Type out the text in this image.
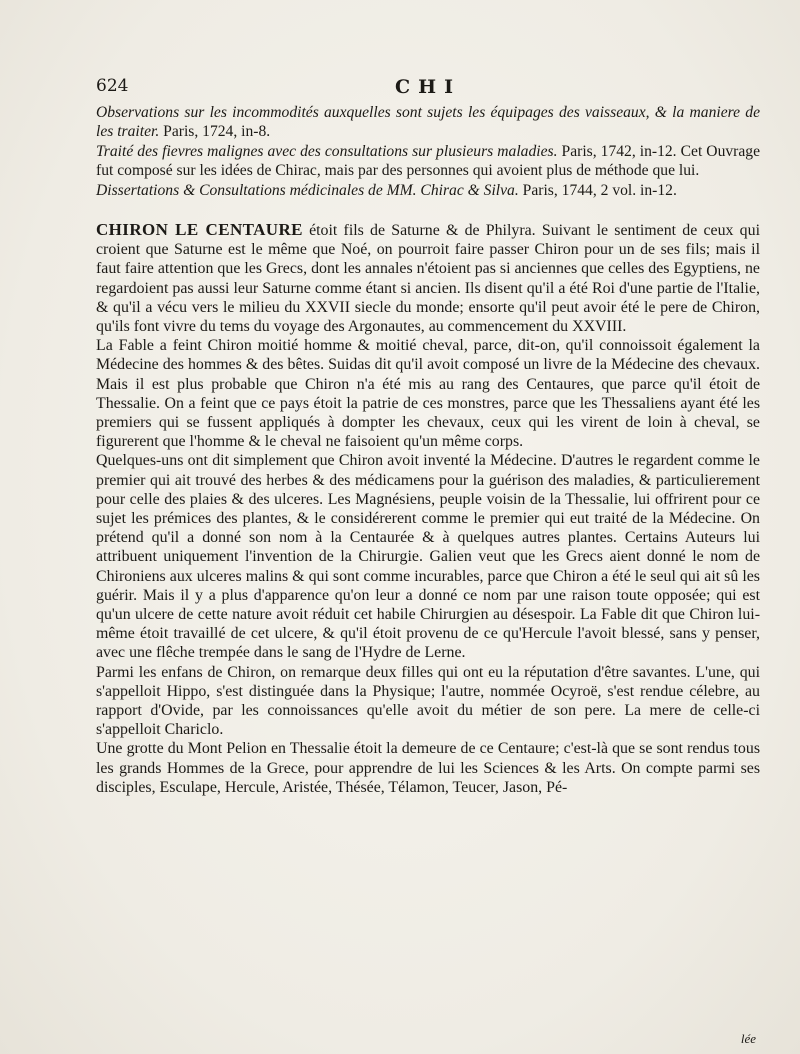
624	CHI

Observations sur les incommodités auxquelles sont sujets les équipages des vaisseaux, & la maniere de les traiter. Paris, 1724, in-8.

Traité des fievres malignes avec des consultations sur plusieurs maladies. Paris, 1742, in-12. Cet Ouvrage fut composé sur les idées de Chirac, mais par des personnes qui avoient plus de méthode que lui.

Dissertations & Consultations médicinales de MM. Chirac & Silva. Paris, 1744, 2 vol. in-12.

CHIRON LE CENTAURE étoit fils de Saturne & de Philyra. Suivant le sentiment de ceux qui croient que Saturne est le même que Noé, on pourroit faire passer Chiron pour un de ses fils; mais il faut faire attention que les Grecs, dont les annales n'étoient pas si anciennes que celles des Egyptiens, ne regardoient pas aussi leur Saturne comme étant si ancien. Ils disent qu'il a été Roi d'une partie de l'Italie, & qu'il a vécu vers le milieu du XXVII siecle du monde; ensorte qu'il peut avoir été le pere de Chiron, qu'ils font vivre du tems du voyage des Argonautes, au commencement du XXVIII.

La Fable a feint Chiron moitié homme & moitié cheval, parce, dit-on, qu'il connoissoit également la Médecine des hommes & des bêtes. Suidas dit qu'il avoit composé un livre de la Médecine des chevaux. Mais il est plus probable que Chiron n'a été mis au rang des Centaures, que parce qu'il étoit de Thessalie. On a feint que ce pays étoit la patrie de ces monstres, parce que les Thessaliens ayant été les premiers qui se fussent appliqués à dompter les chevaux, ceux qui les virent de loin à cheval, se figurerent que l'homme & le cheval ne faisoient qu'un même corps.

Quelques-uns ont dit simplement que Chiron avoit inventé la Médecine. D'autres le regardent comme le premier qui ait trouvé des herbes & des médicamens pour la guérison des maladies, & particulierement pour celle des plaies & des ulceres. Les Magnésiens, peuple voisin de la Thessalie, lui offrirent pour ce sujet les prémices des plantes, & le considérerent comme le premier qui eut traité de la Médecine. On prétend qu'il a donné son nom à la Centaurée & à quelques autres plantes. Certains Auteurs lui attribuent uniquement l'invention de la Chirurgie. Galien veut que les Grecs aient donné le nom de Chironiens aux ulceres malins & qui sont comme incurables, parce que Chiron a été le seul qui ait sû les guérir. Mais il y a plus d'apparence qu'on leur a donné ce nom par une raison toute opposée; qui est qu'un ulcere de cette nature avoit réduit cet habile Chirurgien au désespoir. La Fable dit que Chiron lui-même étoit travaillé de cet ulcere, & qu'il étoit provenu de ce qu'Hercule l'avoit blessé, sans y penser, avec une flêche trempée dans le sang de l'Hydre de Lerne.

Parmi les enfans de Chiron, on remarque deux filles qui ont eu la réputation d'être savantes. L'une, qui s'appelloit Hippo, s'est distinguée dans la Physique; l'autre, nommée Ocyroë, s'est rendue célebre, au rapport d'Ovide, par les connoissances qu'elle avoit du métier de son pere. La mere de celle-ci s'appelloit Chariclo.

Une grotte du Mont Pelion en Thessalie étoit la demeure de ce Centaure; c'est-là que se sont rendus tous les grands Hommes de la Grece, pour apprendre de lui les Sciences & les Arts. On compte parmi ses disciples, Esculape, Hercule, Aristée, Thésée, Télamon, Teucer, Jason, Pé-

lée
